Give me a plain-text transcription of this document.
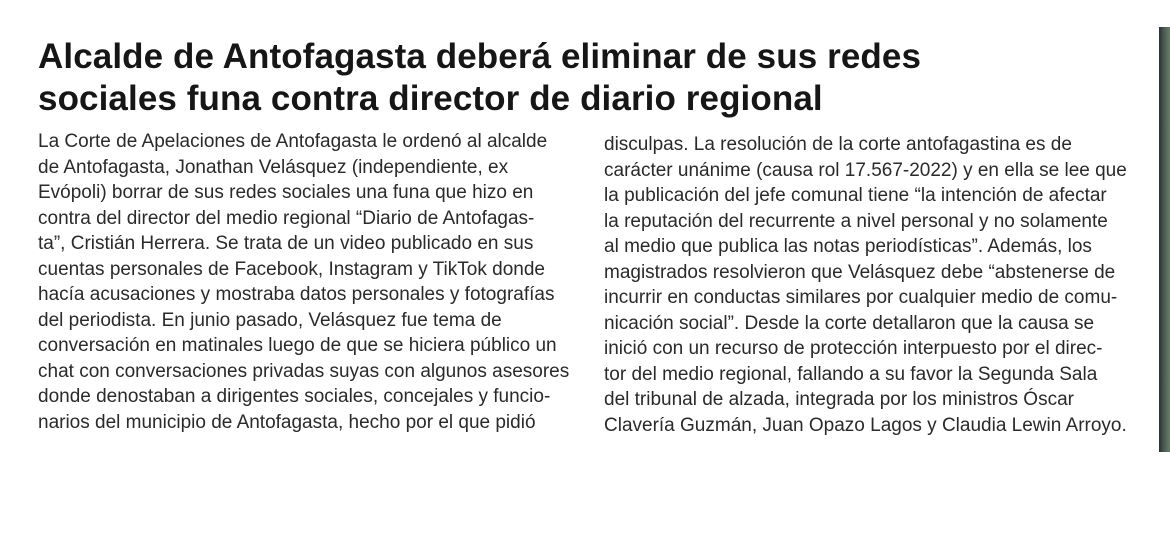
Alcalde de Antofagasta deberá eliminar de sus redes
sociales funa contra director de diario regional
La Corte de Apelaciones de Antofagasta le ordenó al alcalde
de Antofagasta, Jonathan Velásquez (independiente, ex
Evópoli) borrar de sus redes sociales una funa que hizo en
contra del director del medio regional “Diario de Antofagas-
ta”, Cristián Herrera. Se trata de un video publicado en sus
cuentas personales de Facebook, Instagram y TikTok donde
hacía acusaciones y mostraba datos personales y fotografías
del periodista. En junio pasado, Velásquez fue tema de
conversación en matinales luego de que se hiciera público un
chat con conversaciones privadas suyas con algunos asesores
donde denostaban a dirigentes sociales, concejales y funcio-
narios del municipio de Antofagasta, hecho por el que pidió
disculpas. La resolución de la corte antofagastina es de
carácter unánime (causa rol 17.567-2022) y en ella se lee que
la publicación del jefe comunal tiene “la intención de afectar
la reputación del recurrente a nivel personal y no solamente
al medio que publica las notas periodísticas”. Además, los
magistrados resolvieron que Velásquez debe “abstenerse de
incurrir en conductas similares por cualquier medio de comu-
nicación social”. Desde la corte detallaron que la causa se
inició con un recurso de protección interpuesto por el direc-
tor del medio regional, fallando a su favor la Segunda Sala
del tribunal de alzada, integrada por los ministros Óscar
Clavería Guzmán, Juan Opazo Lagos y Claudia Lewin Arroyo.
